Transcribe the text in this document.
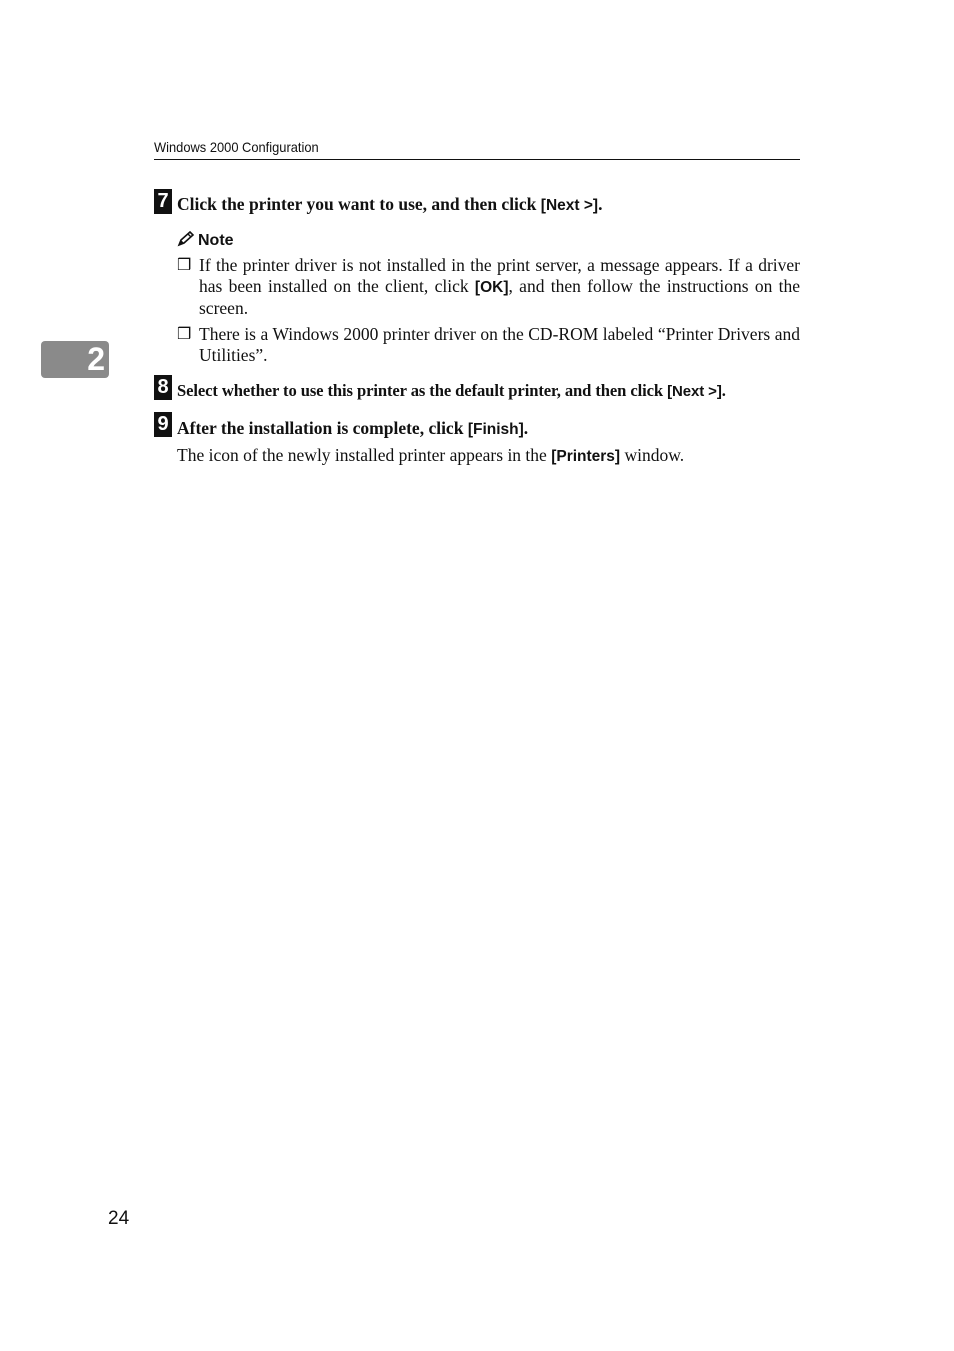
Windows 2000 Configuration
2
7 Click the printer you want to use, and then click [Next >].
Note
❒ If the printer driver is not installed in the print server, a message appears. If a driver has been installed on the client, click [OK], and then follow the instructions on the screen.
❒ There is a Windows 2000 printer driver on the CD-ROM labeled “Printer Drivers and Utilities”.
8 Select whether to use this printer as the default printer, and then click [Next >].
9 After the installation is complete, click [Finish].
The icon of the newly installed printer appears in the [Printers] window.
24
